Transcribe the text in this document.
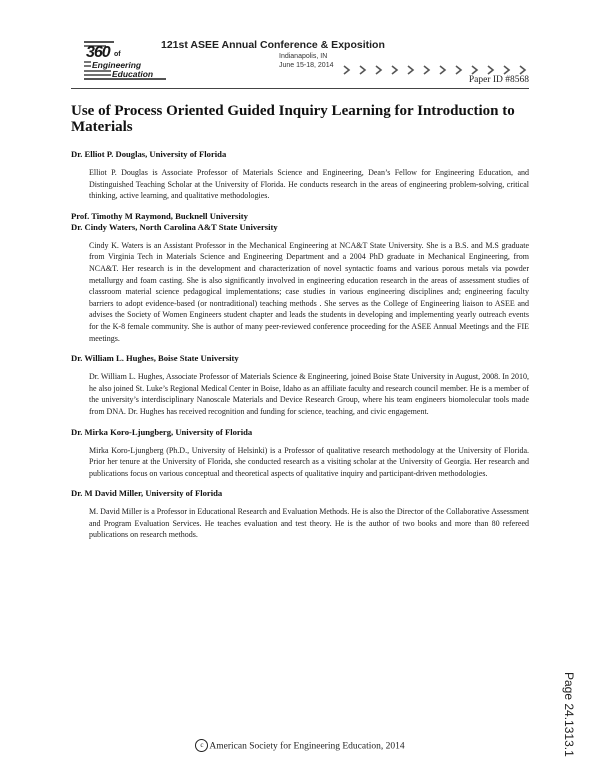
360 of
Engineering
Education
121st ASEE Annual Conference & Exposition
Indianapolis, IN
June 15-18, 2014
Paper ID #8568
Use of Process Oriented Guided Inquiry Learning for Introduction to Materials
Dr. Elliot P. Douglas, University of Florida

Elliot P. Douglas is Associate Professor of Materials Science and Engineering, Dean’s Fellow for Engineering Education, and Distinguished Teaching Scholar at the University of Florida. He conducts research in the areas of engineering problem-solving, critical thinking, active learning, and qualitative methodologies.

Prof. Timothy M Raymond, Bucknell University
Dr. Cindy Waters, North Carolina A&T State University

Cindy K. Waters is an Assistant Professor in the Mechanical Engineering at NCA&T State University. She is a B.S. and M.S graduate from Virginia Tech in Materials Science and Engineering Department and a 2004 PhD graduate in Mechanical Engineering, from NCA&T. Her research is in the development and characterization of novel syntactic foams and various porous metals via powder metallurgy and foam casting. She is also significantly involved in engineering education research in the areas of assessment studies of classroom material science pedagogical implementations; case studies in various engineering disciplines and; engineering faculty barriers to adopt evidence-based (or nontraditional) teaching methods . She serves as the College of Engineering liaison to ASEE and advises the Society of Women Engineers student chapter and leads the students in developing and implementing yearly outreach events for the K-8 female community. She is author of many peer-reviewed conference proceeding for the ASEE Annual Meetings and the FIE meetings.

Dr. William L. Hughes, Boise State University

Dr. William L. Hughes, Associate Professor of Materials Science & Engineering, joined Boise State University in August, 2008. In 2010, he also joined St. Luke’s Regional Medical Center in Boise, Idaho as an affiliate faculty and research council member. He is a member of the university’s interdisciplinary Nanoscale Materials and Device Research Group, where his team engineers biomolecular tools made from DNA. Dr. Hughes has received recognition and funding for science, teaching, and civic engagement.

Dr. Mirka Koro-Ljungberg, University of Florida

Mirka Koro-Ljungberg (Ph.D., University of Helsinki) is a Professor of qualitative research methodology at the University of Florida. Prior her tenure at the University of Florida, she conducted research as a visiting scholar at the University of Georgia. Her research and publications focus on various conceptual and theoretical aspects of qualitative inquiry and participant-driven methodologies.

Dr. M David Miller, University of Florida

M. David Miller is a Professor in Educational Research and Evaluation Methods. He is also the Director of the Collaborative Assessment and Program Evaluation Services. He teaches evaluation and test theory. He is the author of two books and more than 80 refereed publications on research methods.

c American Society for Engineering Education, 2014	Page 24.1313.1
